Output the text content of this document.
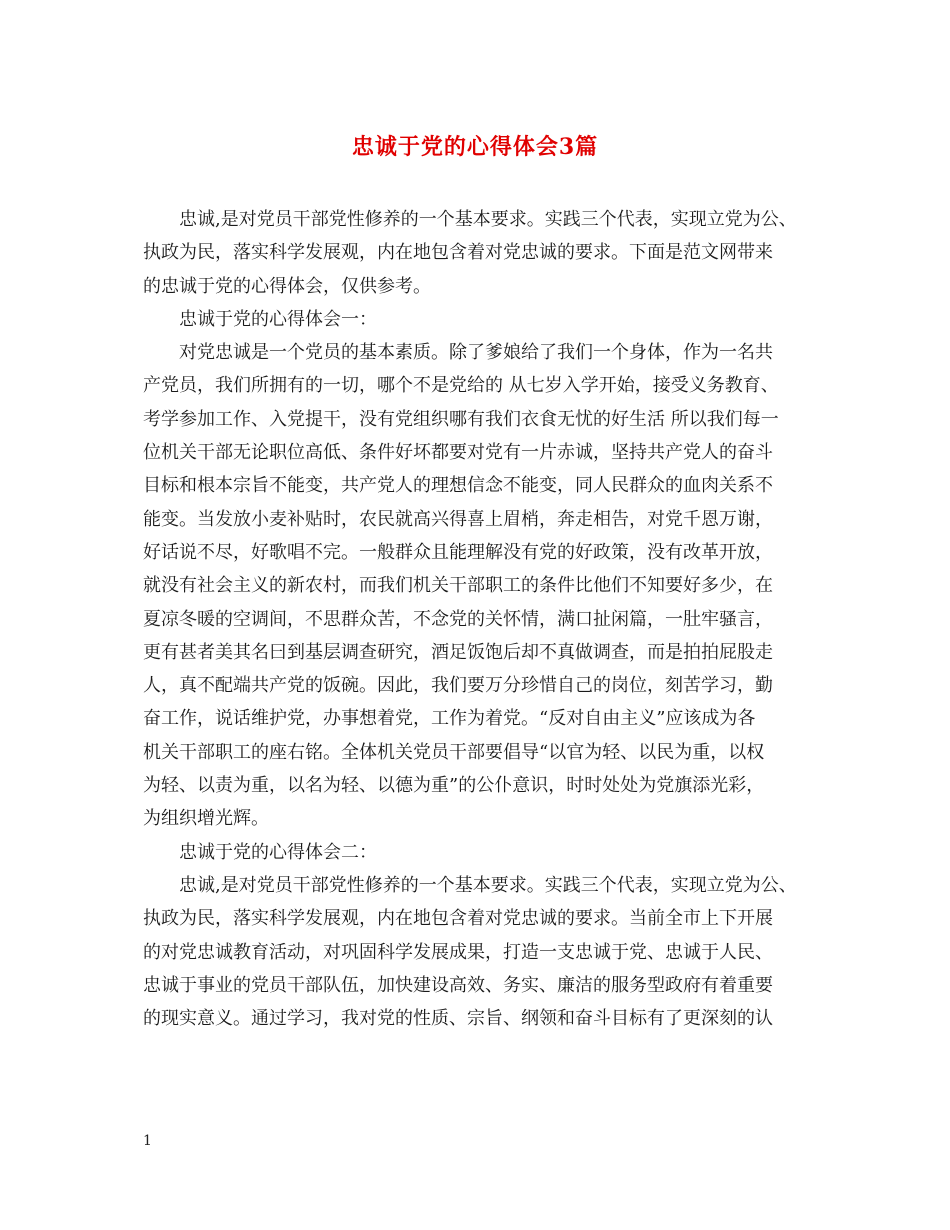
忠诚于党的心得体会3篇
忠诚,是对党员干部党性修养的一个基本要求。实践三个代表，实现立党为公、
执政为民，落实科学发展观，内在地包含着对党忠诚的要求。下面是范文网带来
的忠诚于党的心得体会，仅供参考。
忠诚于党的心得体会一：
对党忠诚是一个党员的基本素质。除了爹娘给了我们一个身体，作为一名共
产党员，我们所拥有的一切，哪个不是党给的 从七岁入学开始，接受义务教育、
考学参加工作、入党提干，没有党组织哪有我们衣食无忧的好生活 所以我们每一
位机关干部无论职位高低、条件好坏都要对党有一片赤诚，坚持共产党人的奋斗
目标和根本宗旨不能变，共产党人的理想信念不能变，同人民群众的血肉关系不
能变。当发放小麦补贴时，农民就高兴得喜上眉梢，奔走相告，对党千恩万谢，
好话说不尽，好歌唱不完。一般群众且能理解没有党的好政策，没有改革开放，
就没有社会主义的新农村，而我们机关干部职工的条件比他们不知要好多少，在
夏凉冬暖的空调间，不思群众苦，不念党的关怀情，满口扯闲篇，一肚牢骚言，
更有甚者美其名曰到基层调查研究，酒足饭饱后却不真做调查，而是拍拍屁股走
人，真不配端共产党的饭碗。因此，我们要万分珍惜自己的岗位，刻苦学习，勤
奋工作，说话维护党，办事想着党，工作为着党。“反对自由主义”应该成为各
机关干部职工的座右铭。全体机关党员干部要倡导“以官为轻、以民为重，以权
为轻、以责为重，以名为轻、以德为重”的公仆意识，时时处处为党旗添光彩，
为组织增光辉。
忠诚于党的心得体会二：
忠诚,是对党员干部党性修养的一个基本要求。实践三个代表，实现立党为公、
执政为民，落实科学发展观，内在地包含着对党忠诚的要求。当前全市上下开展
的对党忠诚教育活动，对巩固科学发展成果，打造一支忠诚于党、忠诚于人民、
忠诚于事业的党员干部队伍，加快建设高效、务实、廉洁的服务型政府有着重要
的现实意义。通过学习，我对党的性质、宗旨、纲领和奋斗目标有了更深刻的认
1
